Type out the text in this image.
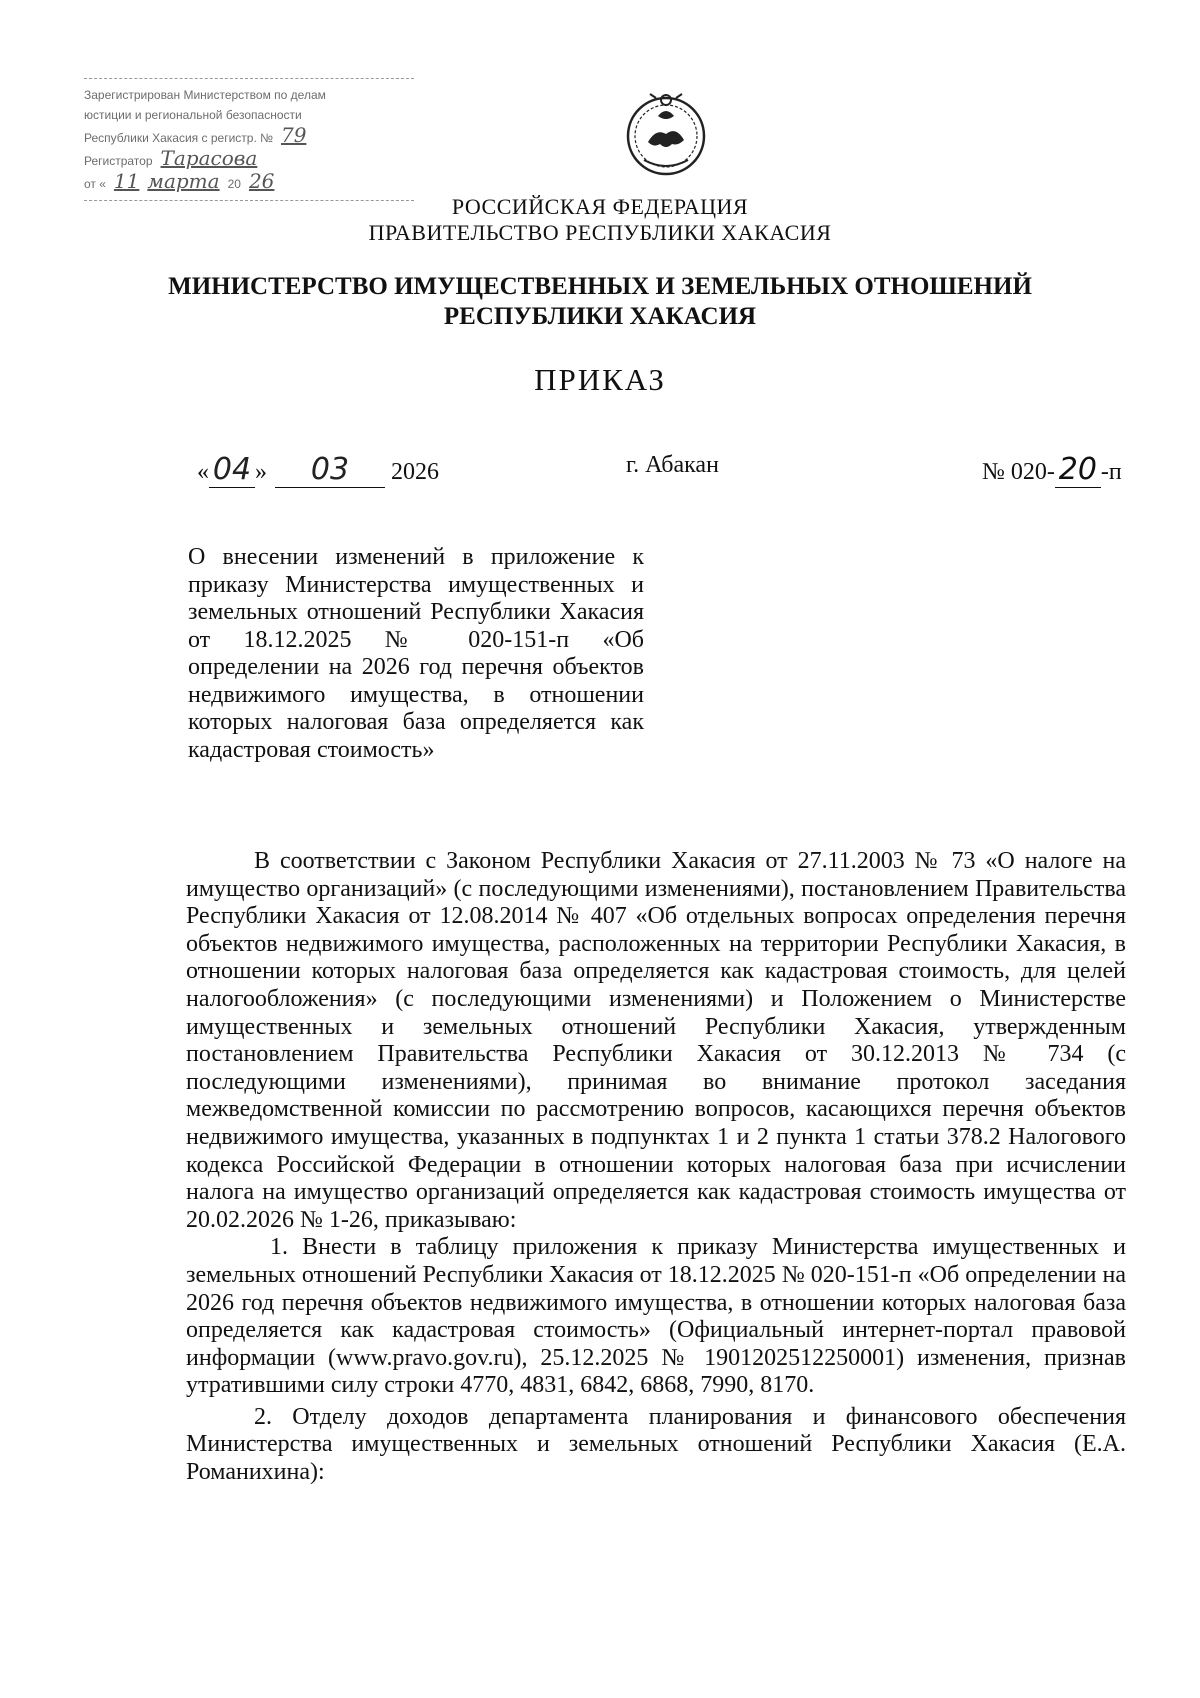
Зарегистрирован Министерством по делам
юстиции и региональной безопасности
Республики Хакасия с регистр. № 79
Регистратор Тарасова
от « 11 марта 20 26
РОССИЙСКАЯ ФЕДЕРАЦИЯ
ПРАВИТЕЛЬСТВО РЕСПУБЛИКИ ХАКАСИЯ
МИНИСТЕРСТВО ИМУЩЕСТВЕННЫХ И ЗЕМЕЛЬНЫХ ОТНОШЕНИЙ
РЕСПУБЛИКИ ХАКАСИЯ
ПРИКАЗ
« 04 »	03	2026	г. Абакан	№ 020- 20 -п
О внесении изменений в приложение к приказу Министерства имущественных и земельных отношений Республики Хакасия от 18.12.2025 № 020-151-п «Об определении на 2026 год перечня объектов недвижимого имущества, в отношении которых налоговая база определяется как кадастровая стоимость»

В соответствии с Законом Республики Хакасия от 27.11.2003 № 73 «О налоге на имущество организаций» (с последующими изменениями), постановлением Правительства Республики Хакасия от 12.08.2014 № 407 «Об отдельных вопросах определения перечня объектов недвижимого имущества, расположенных на территории Республики Хакасия, в отношении которых налоговая база определяется как кадастровая стоимость, для целей налогообложения» (с последующими изменениями) и Положением о Министерстве имущественных и земельных отношений Республики Хакасия, утвержденным постановлением Правительства Республики Хакасия от 30.12.2013 № 734 (с последующими изменениями), принимая во внимание протокол заседания межведомственной комиссии по рассмотрению вопросов, касающихся перечня объектов недвижимого имущества, указанных в подпунктах 1 и 2 пункта 1 статьи 378.2 Налогового кодекса Российской Федерации в отношении которых налоговая база при исчислении налога на имущество организаций определяется как кадастровая стоимость имущества от 20.02.2026 № 1-26, приказываю:

1. Внести в таблицу приложения к приказу Министерства имущественных и земельных отношений Республики Хакасия от 18.12.2025 № 020-151-п «Об определении на 2026 год перечня объектов недвижимого имущества, в отношении которых налоговая база определяется как кадастровая стоимость» (Официальный интернет-портал правовой информации (www.pravo.gov.ru), 25.12.2025 № 1901202512250001) изменения, признав утратившими силу строки 4770, 4831, 6842, 6868, 7990, 8170.

2. Отделу доходов департамента планирования и финансового обеспечения Министерства имущественных и земельных отношений Республики Хакасия (Е.А. Романихина):
